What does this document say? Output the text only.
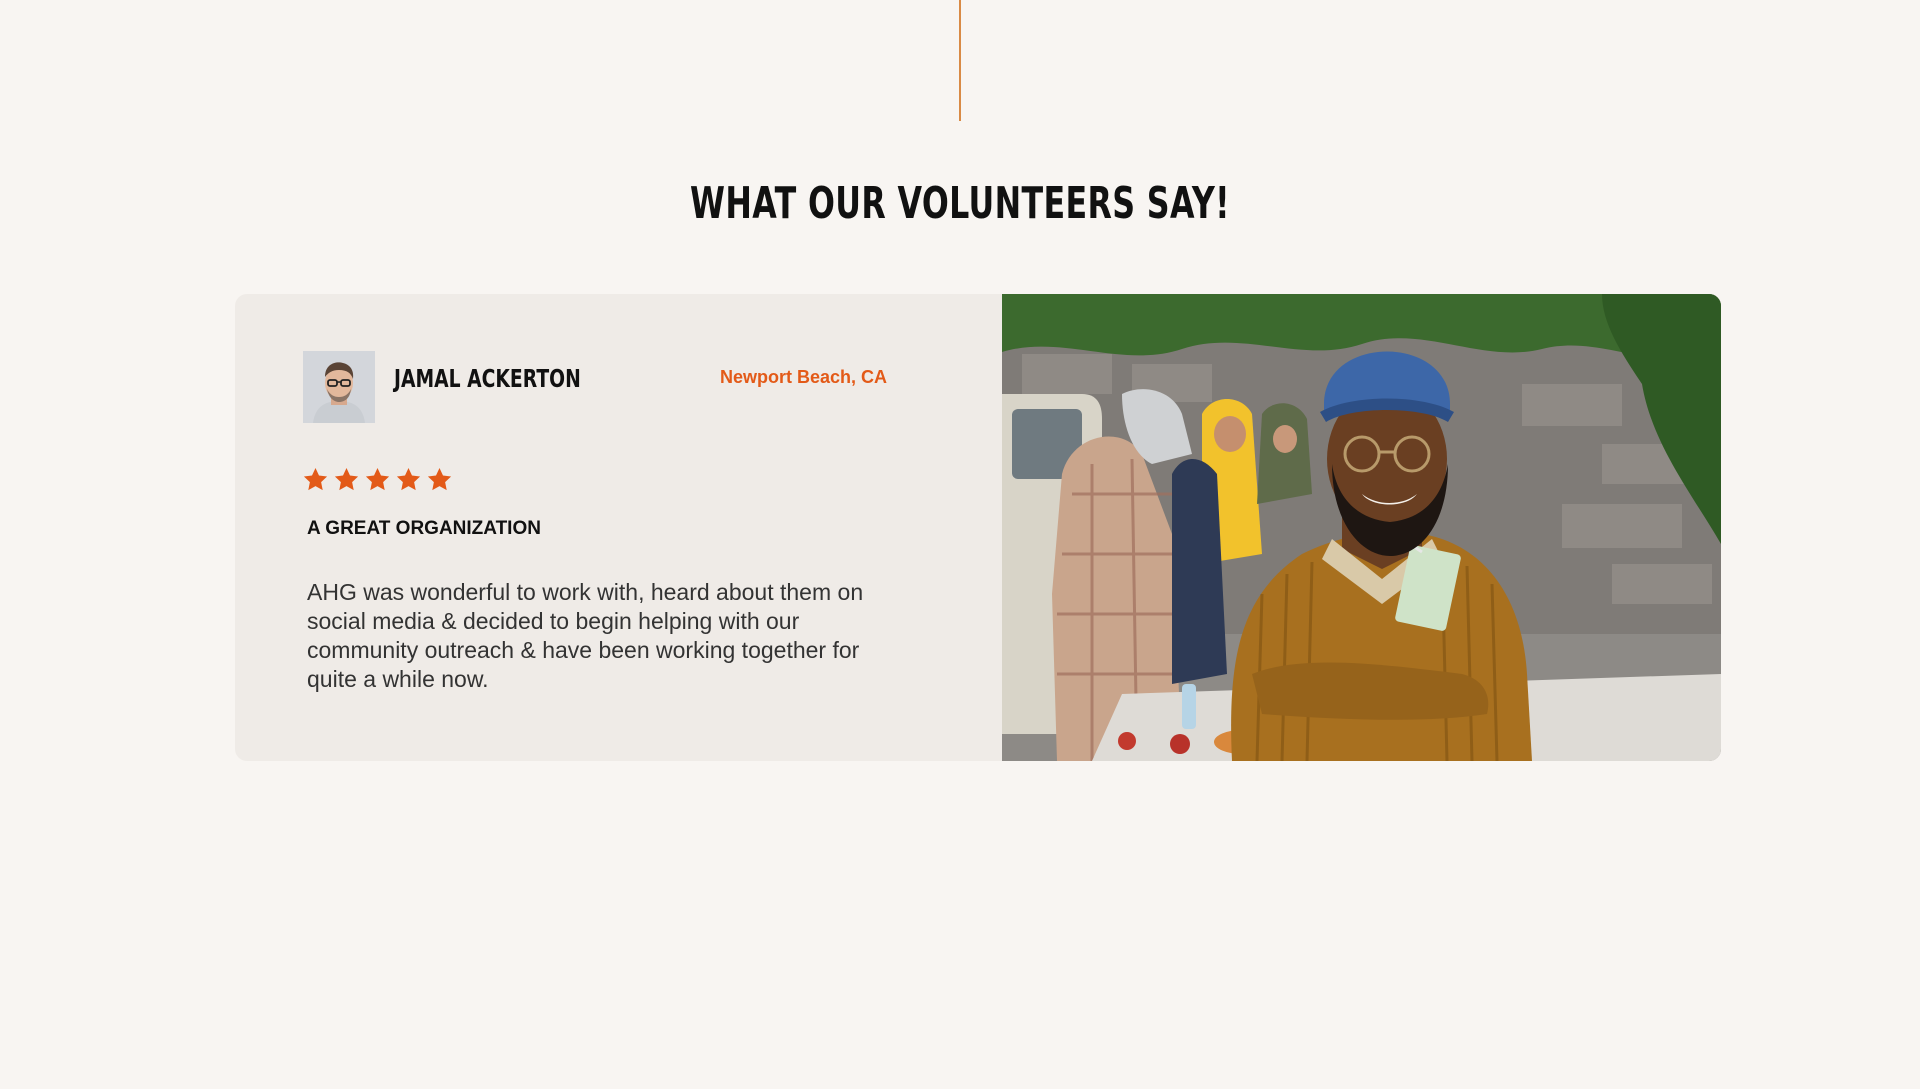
WHAT OUR VOLUNTEERS SAY!
JAMAL ACKERTON	Newport Beach, CA
A GREAT ORGANIZATION

AHG was wonderful to work with, heard about them on social media & decided to begin helping with our community outreach & have been working together for quite a while now.
